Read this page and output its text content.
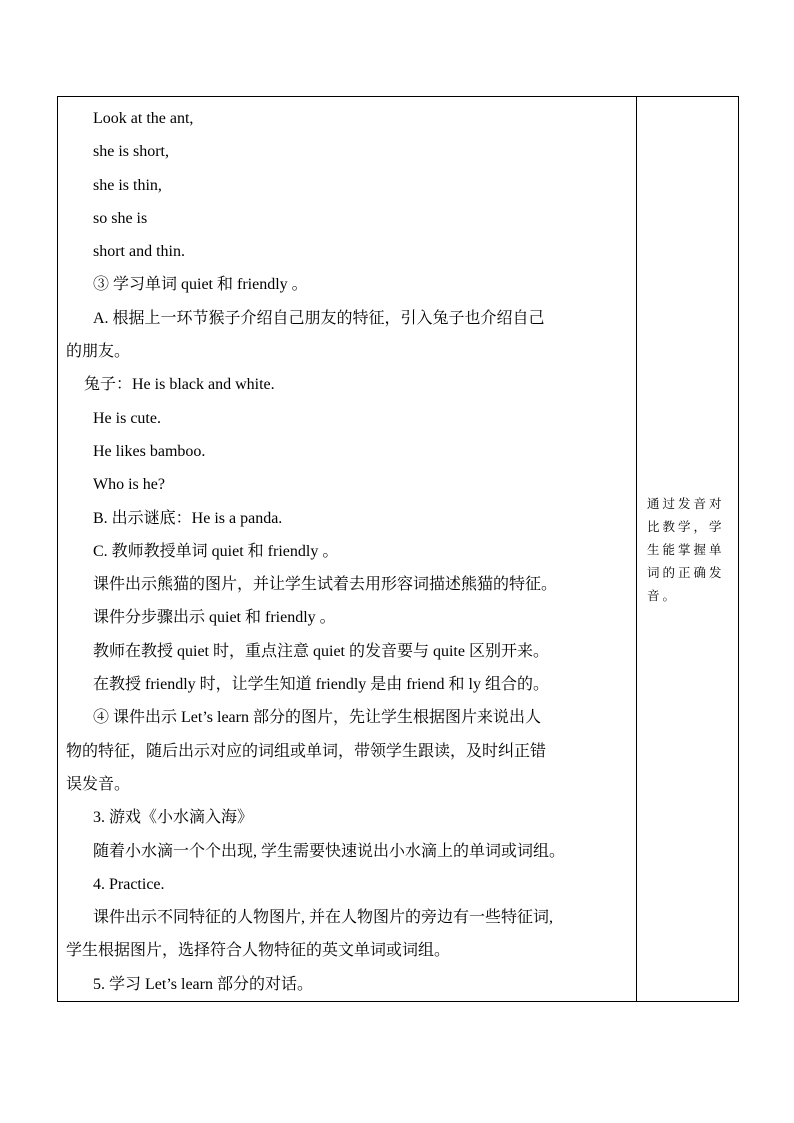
Look at the ant,
she is short,
she is thin,
so she is
short and thin.
③ 学习单词 quiet 和 friendly 。
A. 根据上一环节猴子介绍自己朋友的特征，引入兔子也介绍自己
的朋友。
兔子：He is black and white.
He is cute.
He likes bamboo.
Who is he?
B. 出示谜底：He is a panda.
C. 教师教授单词 quiet 和 friendly 。
课件出示熊猫的图片，并让学生试着去用形容词描述熊猫的特征。
课件分步骤出示 quiet 和 friendly 。
教师在教授 quiet 时，重点注意 quiet 的发音要与 quite 区别开来。
在教授 friendly 时，让学生知道 friendly 是由 friend 和 ly 组合的。
④ 课件出示 Let’s learn 部分的图片，先让学生根据图片来说出人
物的特征，随后出示对应的词组或单词，带领学生跟读，及时纠正错
误发音。
3. 游戏《小水滴入海》
随着小水滴一个个出现, 学生需要快速说出小水滴上的单词或词组。
4. Practice.
课件出示不同特征的人物图片, 并在人物图片的旁边有一些特征词,
学生根据图片，选择符合人物特征的英文单词或词组。
5. 学习 Let’s learn 部分的对话。

通过发音对
比教学，学
生能掌握单
词的正确发
音。
